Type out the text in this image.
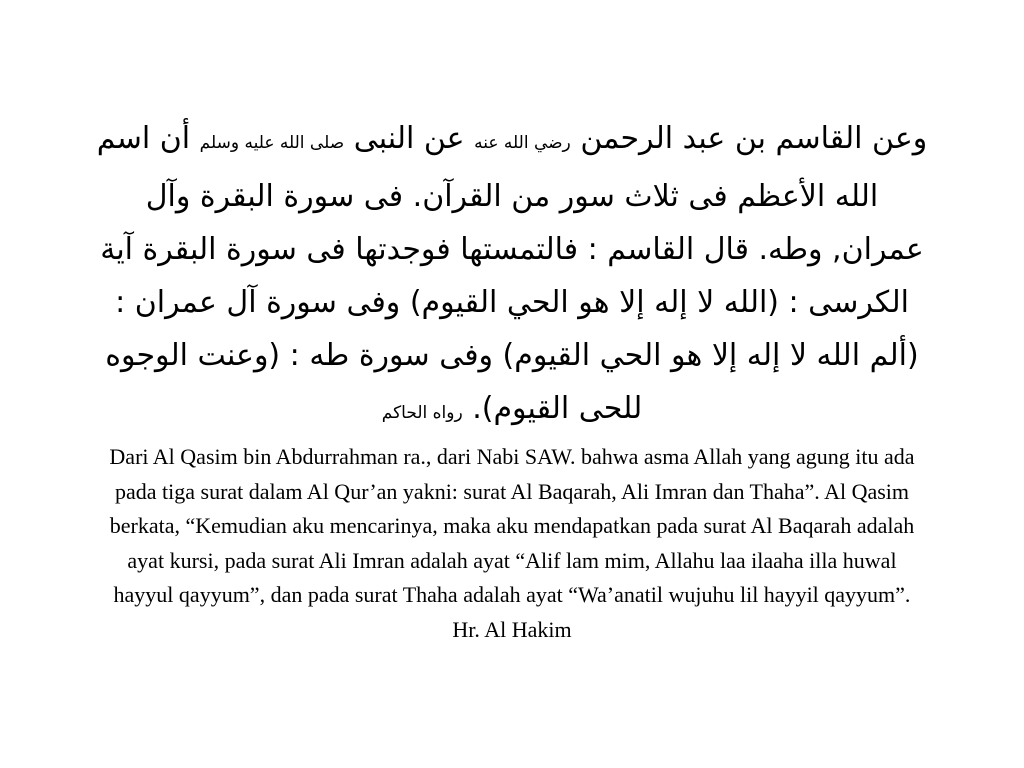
وعن القاسم بن عبد الرحمن رضي الله عنه عن النبى صلى الله عليه وسلم أن اسم الله الأعظم فى ثلاث سور من القرآن. فى سورة البقرة وآل عمران, وطه. قال القاسم : فالتمستها فوجدتها فى سورة البقرة آية الكرسى : (الله لا إله إلا هو الحي القيوم) وفى سورة آل عمران : (ألم الله لا إله إلا هو الحي القيوم) وفى سورة طه : (وعنت الوجوه للحى القيوم). رواه الحاكم

Dari Al Qasim bin Abdurrahman ra., dari Nabi SAW. bahwa asma Allah yang agung itu ada pada tiga surat dalam Al Qur’an yakni: surat Al Baqarah, Ali Imran dan Thaha”. Al Qasim berkata, “Kemudian aku mencarinya, maka aku mendapatkan pada surat Al Baqarah adalah ayat kursi, pada surat Ali Imran adalah ayat “Alif lam mim, Allahu laa ilaaha illa huwal hayyul qayyum”, dan pada surat Thaha adalah ayat “Wa’anatil wujuhu lil hayyil qayyum”. Hr. Al Hakim
